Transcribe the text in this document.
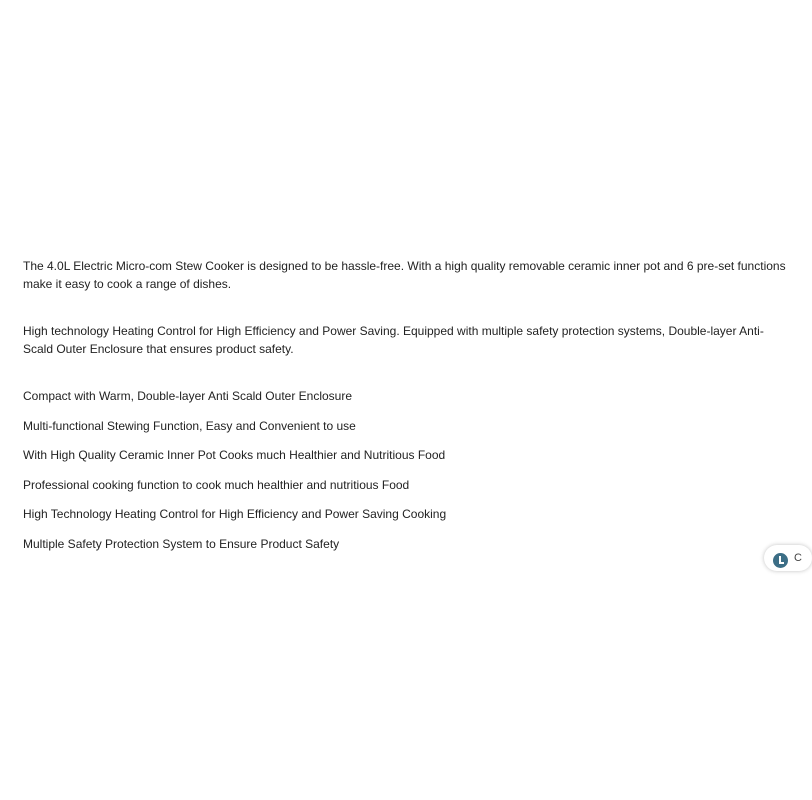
The 4.0L Electric Micro-com Stew Cooker is designed to be hassle-free. With a high quality removable ceramic inner pot and 6 pre-set functions make it easy to cook a range of dishes.

High technology Heating Control for High Efficiency and Power Saving. Equipped with multiple safety protection systems, Double-layer Anti-Scald Outer Enclosure that ensures product safety.

Compact with Warm, Double-layer Anti Scald Outer Enclosure
Multi-functional Stewing Function, Easy and Convenient to use
With High Quality Ceramic Inner Pot Cooks much Healthier and Nutritious Food
Professional cooking function to cook much healthier and nutritious Food
High Technology Heating Control for High Efficiency and Power Saving Cooking
Multiple Safety Protection System to Ensure Product Safety
C
